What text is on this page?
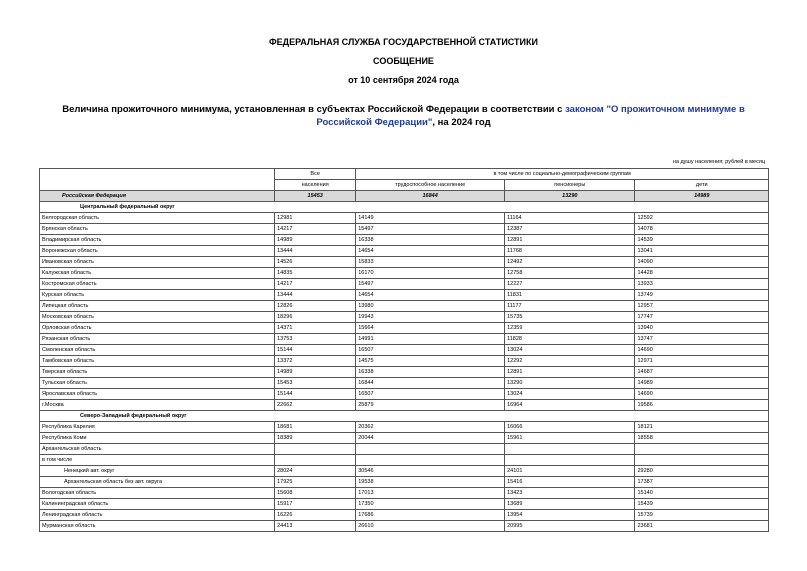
ФЕДЕРАЛЬНАЯ СЛУЖБА ГОСУДАРСТВЕННОЙ СТАТИСТИКИ
СООБЩЕНИЕ
от 10 сентября 2024 года
Величина прожиточного минимума, установленная в субъектах Российской Федерации в соответствии с законом "О прожиточном минимуме в Российской Федерации", на 2024 год
на душу населения; рублей в месяц
	Все	в том числе по социально-демографическим группам		
	населения	трудоспособное население	пенсионеры	дети
Российская Федерация	15453	16844	13290	14989
Центральный федеральный округ				
Белгородская область	12981	14149	11164	12592
Брянская область	14217	15497	12387	14078
Владимирская область	14989	16338	12891	14539
Воронежская область	13444	14654	11768	13041
Ивановская область	14526	15833	12492	14090
Калужская область	14835	16170	12758	14428
Костромская область	14217	15497	12227	13933
Курская область	13444	14654	11831	13749
Липецкая область	12826	13980	11177	12957
Московская область	18296	19943	15735	17747
Орловская область	14371	15664	12359	13940
Рязанская область	13753	14991	11828	13747
Смоленская область	15144	16507	13024	14690
Тамбовская область	13372	14575	12292	12971
Тверская область	14989	16338	12891	14687
Тульская область	15453	16844	13290	14989
Ярославская область	15144	16507	13024	14690
г.Москва	22662	25879	16964	19586
Северо-Западный федеральный округ				
Республика Карелия	18681	20362	16066	18121
Республика Коми	18389	20044	15961	18558
Архангельская область				
в том числе				
Ненецкий авт. округ	28024	30546	24101	29280
Архангельская область без авт. округа	17925	19538	15416	17387
Вологодская область	15608	17013	13423	15140
Калининградская область	15917	17350	13689	15439
Ленинградская область	16226	17686	13954	15739
Мурманская область	24413	26610	20995	23681
